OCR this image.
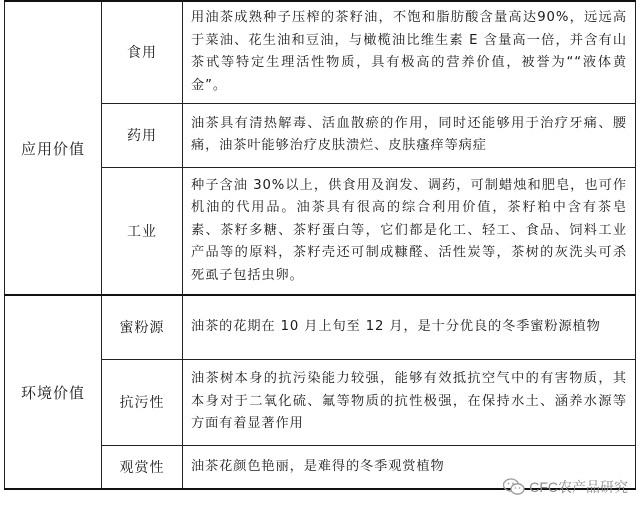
应用价值	食用	用油茶成熟种子压榨的茶籽油，不饱和脂肪酸含量高达90%，远远高于菜油、花生油和豆油，与橄榄油比维生素 E 含量高一倍，并含有山茶甙等特定生理活性物质，具有极高的营养价值，被誉为““液体黄金”。
	药用	油茶具有清热解毒、活血散瘀的作用，同时还能够用于治疗牙痛、腰痛，油茶叶能够治疗皮肤溃烂、皮肤瘙痒等病症
	工业	种子含油 30%以上，供食用及润发、调药，可制蜡烛和肥皂，也可作机油的代用品。油茶具有很高的综合利用价值，茶籽粕中含有茶皂素、茶籽多糖、茶籽蛋白等，它们都是化工、轻工、食品、饲料工业产品等的原料，茶籽壳还可制成糠醛、活性炭等，茶树的灰洗头可杀死虱子包括虫卵。
环境价值	蜜粉源	油茶的花期在 10 月上旬至 12 月，是十分优良的冬季蜜粉源植物
	抗污性	油茶树本身的抗污染能力较强，能够有效抵抗空气中的有害物质，其本身对于二氧化硫、氟等物质的抗性极强，在保持水土、涵养水源等方面有着显著作用
	观赏性	油茶花颜色艳丽，是难得的冬季观赏植物
CFC农产品研究
